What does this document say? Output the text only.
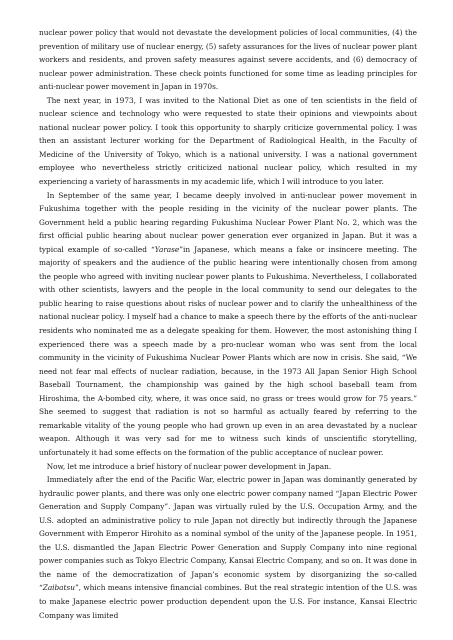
nuclear power policy that would not devastate the development policies of local communities, (4) the prevention of military use of nuclear energy, (5) safety assurances for the lives of nuclear power plant workers and residents, and proven safety measures against severe accidents, and (6) democracy of nuclear power administration. These check points functioned for some time as leading principles for anti-nuclear power movement in Japan in 1970s.

The next year, in 1973, I was invited to the National Diet as one of ten scientists in the field of nuclear science and technology who were requested to state their opinions and viewpoints about national nuclear power policy. I took this opportunity to sharply criticize governmental policy. I was then an assistant lecturer working for the Department of Radiological Health, in the Faculty of Medicine of the University of Tokyo, which is a national university. I was a national government employee who nevertheless strictly criticized national nuclear policy, which resulted in my experiencing a variety of harassments in my academic life, which I will introduce to you later.

In September of the same year, I became deeply involved in anti-nuclear power movement in Fukushima together with the people residing in the vicinity of the nuclear power plants. The Government held a public hearing regarding Fukushima Nuclear Power Plant No. 2, which was the first official public hearing about nuclear power generation ever organized in Japan. But it was a typical example of so-called “Yarase”in Japanese, which means a fake or insincere meeting. The majority of speakers and the audience of the public hearing were intentionally chosen from among the people who agreed with inviting nuclear power plants to Fukushima. Nevertheless, I collaborated with other scientists, lawyers and the people in the local community to send our delegates to the public hearing to raise questions about risks of nuclear power and to clarify the unhealthiness of the national nuclear policy. I myself had a chance to make a speech there by the efforts of the anti-nuclear residents who nominated me as a delegate speaking for them. However, the most astonishing thing I experienced there was a speech made by a pro-nuclear woman who was sent from the local community in the vicinity of Fukushima Nuclear Power Plants which are now in crisis. She said, “We need not fear mal effects of nuclear radiation, because, in the 1973 All Japan Senior High School Baseball Tournament, the championship was gained by the high school baseball team from Hiroshima, the A-bombed city, where, it was once said, no grass or trees would grow for 75 years.” She seemed to suggest that radiation is not so harmful as actually feared by referring to the remarkable vitality of the young people who had grown up even in an area devastated by a nuclear weapon. Although it was very sad for me to witness such kinds of unscientific storytelling, unfortunately it had some effects on the formation of the public acceptance of nuclear power.

Now, let me introduce a brief history of nuclear power development in Japan.

Immediately after the end of the Pacific War, electric power in Japan was dominantly generated by hydraulic power plants, and there was only one electric power company named “Japan Electric Power Generation and Supply Company”. Japan was virtually ruled by the U.S. Occupation Army, and the U.S. adopted an administrative policy to rule Japan not directly but indirectly through the Japanese Government with Emperor Hirohito as a nominal symbol of the unity of the Japanese people. In 1951, the U.S. dismantled the Japan Electric Power Generation and Supply Company into nine regional power companies such as Tokyo Electric Company, Kansai Electric Company, and so on. It was done in the name of the democratization of Japan’s economic system by disorganizing the so-called “Zaibatsu”, which means intensive financial combines. But the real strategic intention of the U.S. was to make Japanese electric power production dependent upon the U.S. For instance, Kansai Electric Company was limited
